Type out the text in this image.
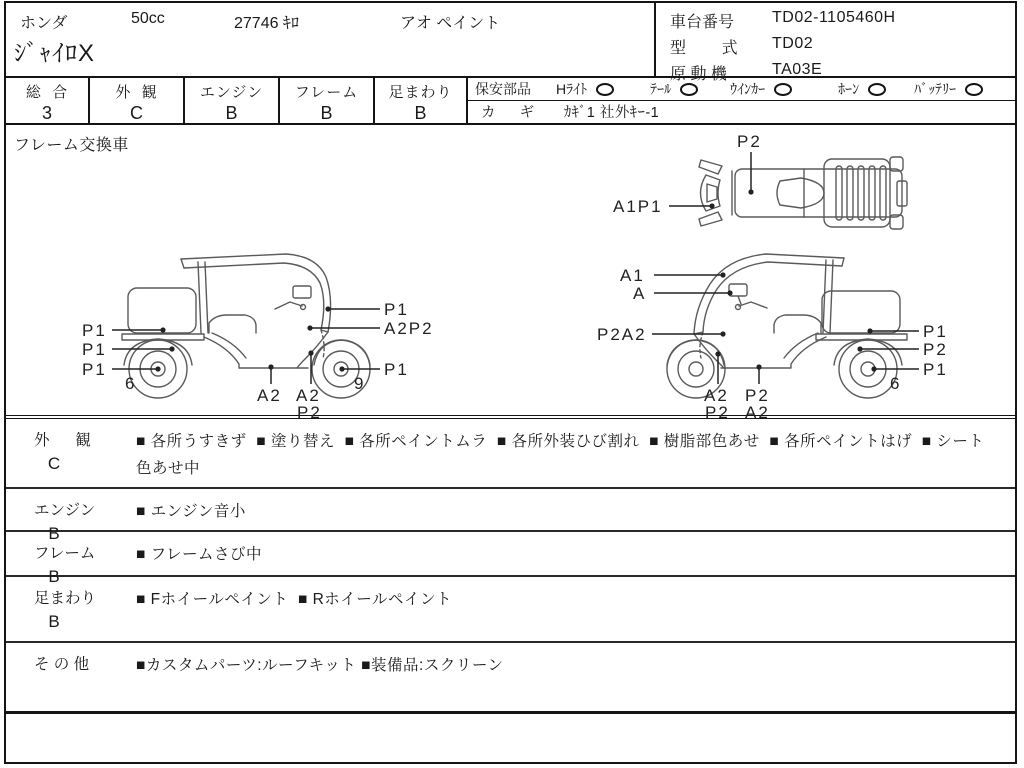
ホンダ	50cc	27746 ｷﾛ	アオ ペイント
ｼﾞｬｲﾛX
車台番号	TD02-1105460H
型        式	TD02
原 動 機	TA03E
総  合
3
外  観
C
エンジン
B
フレーム
B
足まわり
B
保安部品	Hﾗｲﾄ	ﾃｰﾙ	ｳｲﾝｶｰ	ﾎｰﾝ	ﾊﾞｯﾃﾘｰ
カ      ギ	ｶｷﾞ1 社外ｷｰ-1
フレーム交換車
P1
P1
P1
6
A2 A2
P2
9
P1
P1
A2P2
A1
A
P2A2
A2
P2
P2
A2
P1
P2
P1
6
P2
A1P1
外      観
C
■ 各所うすきず  ■ 塗り替え  ■ 各所ペイントムラ  ■ 各所外装ひび割れ  ■ 樹脂部色あせ  ■ 各所ペイントはげ  ■ シート色あせ中
エンジン
B
■ エンジン音小
フレーム
B
■ フレームさび中
足まわり
B
■ Fホイールペイント  ■ Rホイールペイント
そ の 他	■カスタムパーツ:ルーフキット ■装備品:スクリーン
